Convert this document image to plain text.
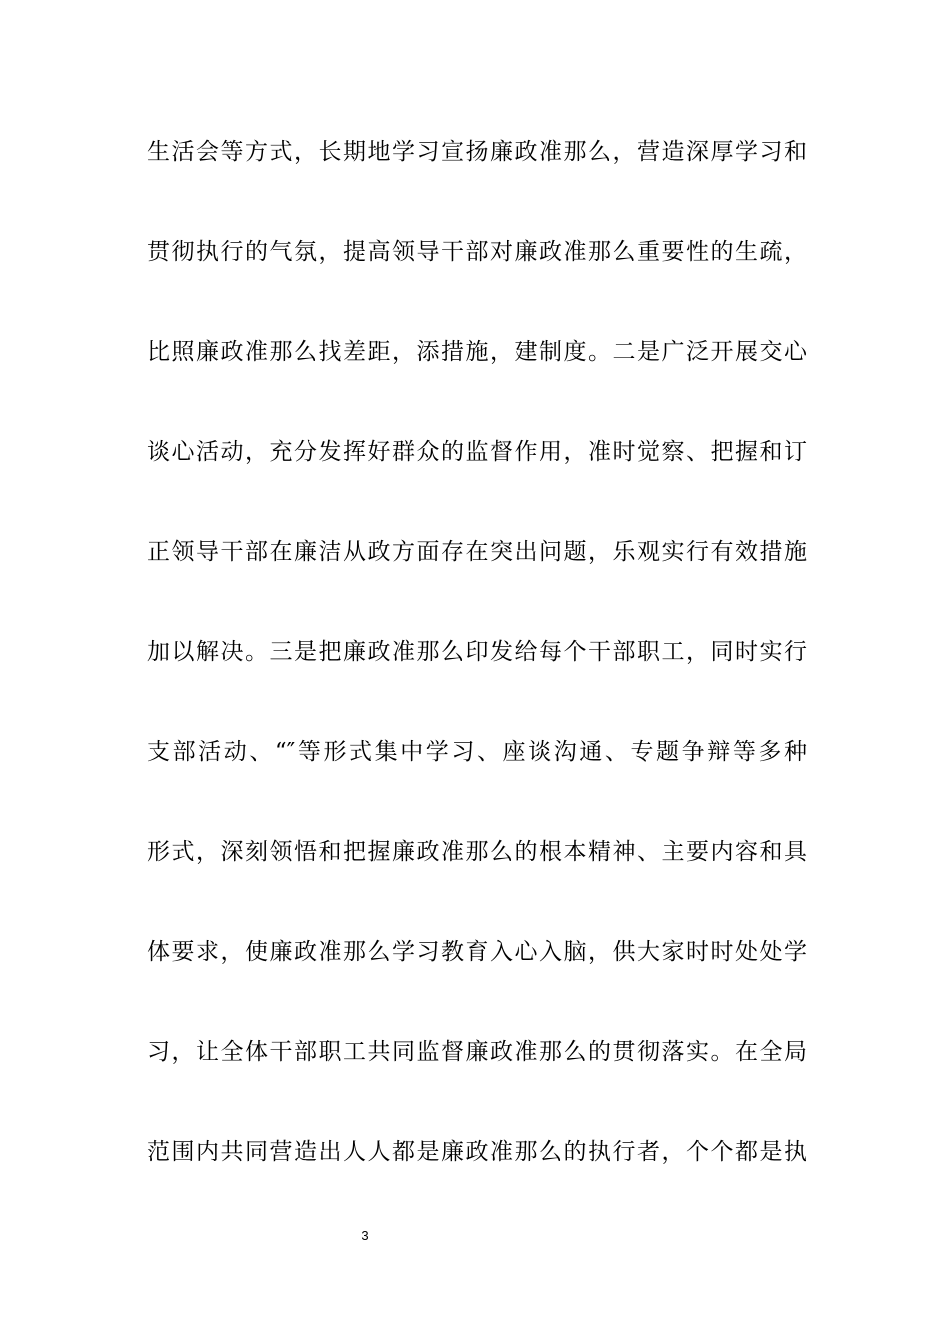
生活会等方式，长期地学习宣扬廉政准那么，营造深厚学习和
贯彻执行的气氛，提高领导干部对廉政准那么重要性的生疏，
比照廉政准那么找差距，添措施，建制度。二是广泛开展交心
谈心活动，充分发挥好群众的监督作用，准时觉察、把握和订
正领导干部在廉洁从政方面存在突出问题，乐观实行有效措施
加以解决。三是把廉政准那么印发给每个干部职工，同时实行
支部活动、“″等形式集中学习、座谈沟通、专题争辩等多种
形式，深刻领悟和把握廉政准那么的根本精神、主要内容和具
体要求，使廉政准那么学习教育入心入脑，供大家时时处处学
习，让全体干部职工共同监督廉政准那么的贯彻落实。在全局
范围内共同营造出人人都是廉政准那么的执行者，个个都是执
3
